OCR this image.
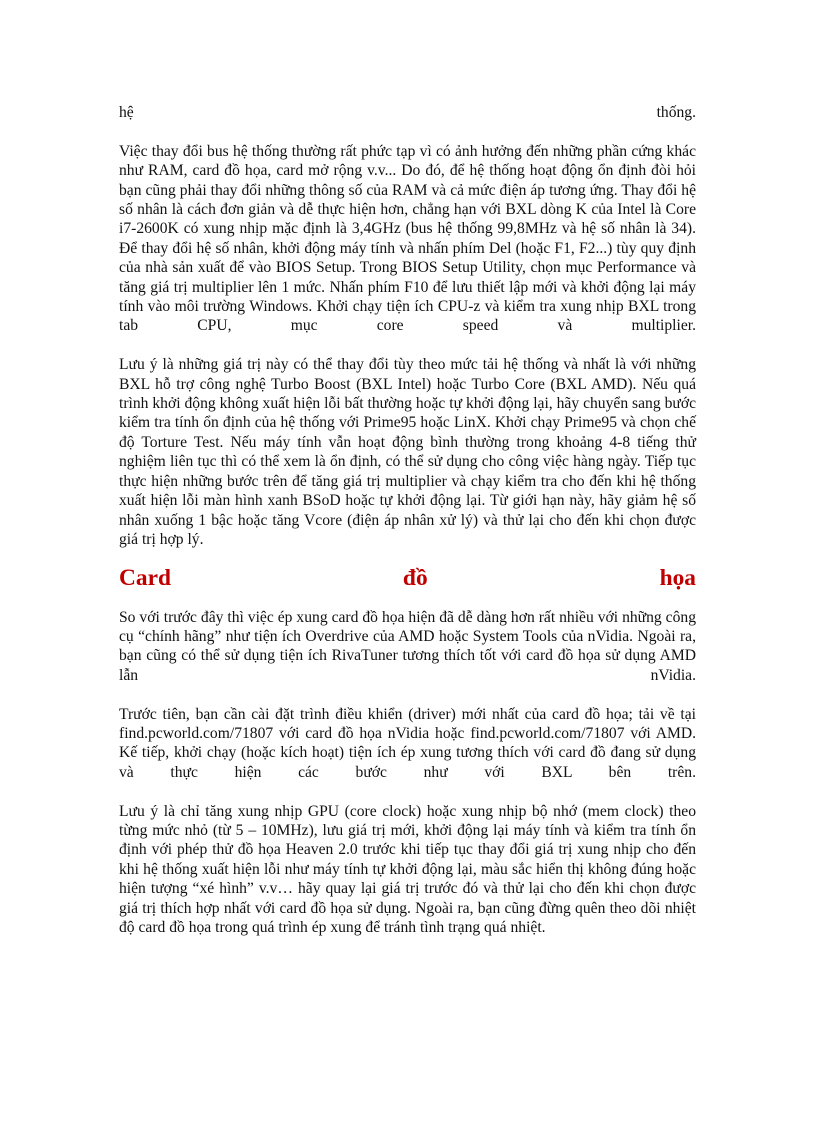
hệ thống.

Việc thay đổi bus hệ thống thường rất phức tạp vì có ảnh hưởng đến những phần cứng khác như RAM, card đồ họa, card mở rộng v.v... Do đó, để hệ thống hoạt động ổn định đòi hỏi bạn cũng phải thay đổi những thông số của RAM và cả mức điện áp tương ứng. Thay đổi hệ số nhân là cách đơn giản và dễ thực hiện hơn, chẳng hạn với BXL dòng K của Intel là Core i7-2600K có xung nhịp mặc định là 3,4GHz (bus hệ thống 99,8MHz và hệ số nhân là 34). Để thay đổi hệ số nhân, khởi động máy tính và nhấn phím Del (hoặc F1, F2...) tùy quy định của nhà sản xuất để vào BIOS Setup. Trong BIOS Setup Utility, chọn mục Performance và tăng giá trị multiplier lên 1 mức. Nhấn phím F10 để lưu thiết lập mới và khởi động lại máy tính vào môi trường Windows. Khởi chạy tiện ích CPU-z và kiểm tra xung nhịp BXL trong tab CPU, mục core speed và multiplier.

Lưu ý là những giá trị này có thể thay đổi tùy theo mức tải hệ thống và nhất là với những BXL hỗ trợ công nghệ Turbo Boost (BXL Intel) hoặc Turbo Core (BXL AMD). Nếu quá trình khởi động không xuất hiện lỗi bất thường hoặc tự khởi động lại, hãy chuyển sang bước kiểm tra tính ổn định của hệ thống với Prime95 hoặc LinX. Khởi chạy Prime95 và chọn chế độ Torture Test. Nếu máy tính vẫn hoạt động bình thường trong khoảng 4-8 tiếng thử nghiệm liên tục thì có thể xem là ổn định, có thể sử dụng cho công việc hàng ngày. Tiếp tục thực hiện những bước trên để tăng giá trị multiplier và chạy kiểm tra cho đến khi hệ thống xuất hiện lỗi màn hình xanh BSoD hoặc tự khởi động lại. Từ giới hạn này, hãy giảm hệ số nhân xuống 1 bậc hoặc tăng Vcore (điện áp nhân xử lý) và thử lại cho đến khi chọn được giá trị hợp lý.

Card đồ họa

So với trước đây thì việc ép xung card đồ họa hiện đã dễ dàng hơn rất nhiều với những công cụ “chính hãng” như tiện ích Overdrive của AMD hoặc System Tools của nVidia. Ngoài ra, bạn cũng có thể sử dụng tiện ích RivaTuner tương thích tốt với card đồ họa sử dụng AMD lẫn nVidia.

Trước tiên, bạn cần cài đặt trình điều khiển (driver) mới nhất của card đồ họa; tải về tại find.pcworld.com/71807 với card đồ họa nVidia hoặc find.pcworld.com/71807 với AMD. Kế tiếp, khởi chạy (hoặc kích hoạt) tiện ích ép xung tương thích với card đồ đang sử dụng và thực hiện các bước như với BXL bên trên.

Lưu ý là chỉ tăng xung nhịp GPU (core clock) hoặc xung nhịp bộ nhớ (mem clock) theo từng mức nhỏ (từ 5 – 10MHz), lưu giá trị mới, khởi động lại máy tính và kiểm tra tính ổn định với phép thử đồ họa Heaven 2.0 trước khi tiếp tục thay đổi giá trị xung nhịp cho đến khi hệ thống xuất hiện lỗi như máy tính tự khởi động lại, màu sắc hiển thị không đúng hoặc hiện tượng “xé hình” v.v… hãy quay lại giá trị trước đó và thử lại cho đến khi chọn được giá trị thích hợp nhất với card đồ họa sử dụng. Ngoài ra, bạn cũng đừng quên theo dõi nhiệt độ card đồ họa trong quá trình ép xung để tránh tình trạng quá nhiệt.
